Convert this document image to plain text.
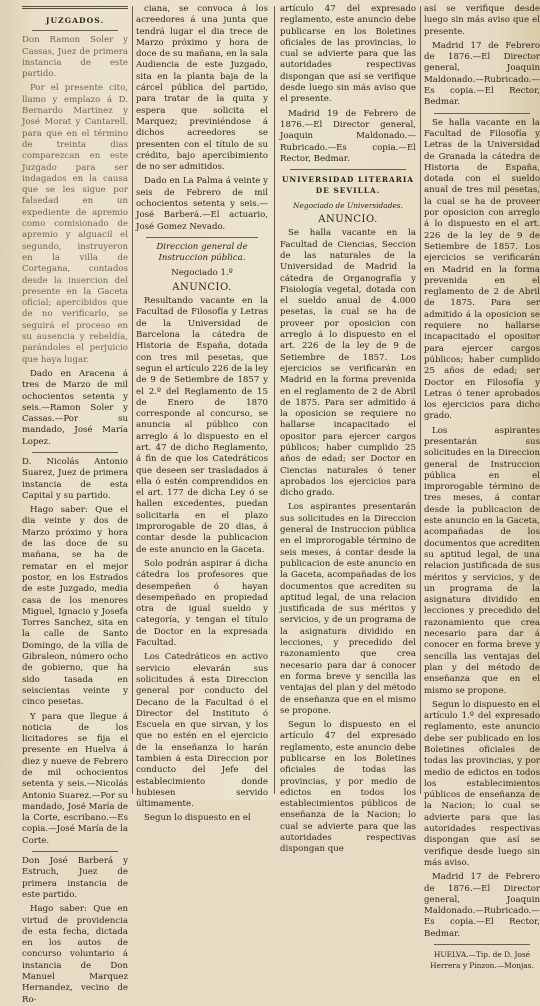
JUZGADOS.

Don Ramon Soler y Cassas, Juez de primera instancia de este partido.

Por el presente cito, llamo y emplazo á D. Bernardo Martinez y José Morat y Cantarell, para que en el término de treinta dias comparezcan en este Juzgado para ser indagados en la causa que se les sigue por falsedad en un expediente de apremio como comisionado de apremio y alguacil el segundo, instruyeron en la villa de Cortegana, contados desde la insercion del presente en la Gaceta oficial; apercibidos que de no verificarlo, se seguirá el proceso en su ausencia y rebeldía, parándoles el perjuicio que haya lugar.

Dado en Aracena á tres de Marzo de mil ochocientos setenta y seis.—Ramon Soler y Cassas.—Por su mandado, José María Lopez.

D. Nicolás Antonio Suarez, Juez de primera instancia de esta Capital y su partido.

Hago saber: Que el dia veinte y dos de Marzo próximo y hora de las doce de su mañana, se ha de rematar en el mejor postor, en los Estrados de este Juzgado, media casa de los menores Miguel, Ignacio y Josefa Torres Sanchez, sita en la calle de Santo Domingo, de la villa de Gibraleon, número ocho de gobierno, que ha sido tasada en seiscientas veinte y cinco pesetas.

Y para que llegue á noticia de los licitadores se fija el presente en Huelva á diez y nueve de Febrero de mil ochocientos setenta y seis.—Nicolás Antonio Suarez.—Por su mandado, José María de la Corte, escribano.—Es copia.—José María de la Corte.

Don José Barberá y Estruch, Juez de primera instancia de este partido.

Hago saber: Que en virtud de providencia de esta fecha, dictada en los autos de concurso voluntario á instancia de Don Manuel Marquez Hernandez, vecino de Ro-

ciana, se convoca á los acreedores á una junta que tendrá lugar el dia trece de Marzo próximo y hora de doce de su mañana, en la sala Audiencia de este Juzgado, sita en la planta baja de la cárcel pública del partido, para tratar de la quita y espera que solicita el Marquez; previniéndose á dichos acreedores se presenten con el título de su crédito, bajo apercibimiento de no ser admitidos.

Dado en La Palma á veinte y seis de Febrero de mil ochocientos setenta y seis.—José Barberá.—El actuario, José Gomez Nevado.

Direccion general de Instruccion pública.

Negociado 1.º

ANUNCIO.

Resultando vacante en la Facultad de Filosofía y Letras de la Universidad de Barcelona la cátedra de Historia de España, dotada con tres mil pesetas, que segun el artículo 226 de la ley de 9 de Setiembre de 1857 y el 2.º del Reglamento de 15 de Enero de 1870 corresponde al concurso, se anuncia al público con arreglo á lo dispuesto en el art. 47 de dicho Reglamento, á fin de que los Catedráticos que deseen ser trasladados á ella ó estén comprendidos en el art. 177 de dicha Ley ó se hallen excedentes, puedan solicitarla en el plazo improrogable de 20 dias, á contar desde la publicacion de este anuncio en la Gaceta.

Solo podrán aspirar á dicha cátedra los profesores que desempeñen ó hayan desempeñado en propiedad otra de igual sueldo y categoría, y tengan el título de Doctor en la expresada Facultad.

Los Catedráticos en activo servicio elevarán sus solicitudes á esta Direccion general por conducto del Decano de la Facultad ó el Director del Instituto ó Escuela en que sirvan, y los que no estén en el ejercicio de la enseñanza lo harán tambien á esta Direccion por conducto del Jefe del establecimiento donde hubiesen servido últimamente.

Segun lo dispuesto en el

artículo 47 del expresado reglamento, este anuncio debe publicarse en los Boletines oficiales de las provincias, lo cual se advierte para que las autoridades respectivas dispongan que así se verifique desde luego sin más aviso que el presente.

Madrid 19 de Febrero de 1876.—El Director general, Joaquin Maldonado.—Rubricado.—Es copia.—El Rector, Bedmar.

UNIVERSIDAD LITERARIA DE SEVILLA.

Negociado de Universidades.

ANUNCIO.

Se halla vacante en la Facultad de Ciencias, Seccion de las naturales de la Universidad de Madrid la cátedra de Organografía y Fisiología vegetal, dotada con el sueldo anual de 4.000 pesetas, la cual se ha de proveer por oposicion con arreglo á lo dispuesto en el art. 226 de la ley de 9 de Setiembre de 1857. Los ejercicios se verificarán en Madrid en la forma prevenida en el reglamento de 2 de Abril de 1875. Para ser admitido á la oposicion se requiere no hallarse incapacitado el opositor para ejercer cargos públicos; haber cumplido 25 años de edad; ser Doctor en Ciencias naturales ó tener aprobados los ejercicios para dicho grado.

Los aspirantes presentarán sus solicitudes en la Direccion general de Instruccion pública en el improrogable término de seis meses, á contar desde la publicacion de este anuncio en la Gaceta, acompañadas de los documentos que acrediten su aptitud legal, de una relacion justificada de sus méritos y servicios, y de un programa de la asignatura dividido en lecciones, y precedido del razonamiento que crea necesario para dar á conocer en forma breve y sencilla las ventajas del plan y del método de enseñanza que en el mismo se propone.

Segun lo dispuesto en el artículo 47 del expresado reglamento, este anuncio debe publicarse en los Boletines oficiales de todas las provincias, y por medio de edictos en todos los establecimientos públicos de enseñanza de la Nacion; lo cual se advierte para que las autoridades respectivas dispongan que

así se verifique desde luego sin más aviso que el presente.

Madrid 17 de Febrero de 1876.—El Director general, Joaquin Maldonado.—Rubricado.—Es copia.—El Rector, Bedmar.

Se halla vacante en la Facultad de Filosofía y Letras de la Universidad de Granada la cátedra de Historia de España, dotada con el sueldo anual de tres mil pesetas, la cual se ha de proveer por oposicion con arreglo á lo dispuesto en el art. 226 de la ley de 9 de Setiembre de 1857. Los ejercicios se verificarán en Madrid en la forma prevenida en el reglamento de 2 de Abril de 1875. Para ser admitido á la oposicion se requiere no hallarse incapacitado el opositor para ejercer cargos públicos; haber cumplido 25 años de edad; ser Doctor en Filosofía y Letras ó tener aprobados los ejercicios para dicho grado.

Los aspirantes presentarán sus solicitudes en la Direccion general de Instruccion pública en el improrogable término de tres meses, á contar desde la publicacion de este anuncio en la Gaceta, acompañadas de los documentos que acrediten su aptitud legal, de una relacion justificada de sus méritos y servicios, y de un programa de la asignatura dividido en lecciones y precedido del razonamiento que crea necesario para dar á conocer en forma breve y sencilla las ventajas del plan y del método de enseñanza que en el mismo se propone.

Segun lo dispuesto en el artículo 1.º del expresado reglamento, este anuncio debe ser publicado en los Boletines oficiales de todas las provincias, y por medio de edictos en todos los establecimientos públicos de enseñanza de la Nacion; lo cual se advierte para que las autoridades respectivas dispongan que así se verifique desde luego sin más aviso.

Madrid 17 de Febrero de 1876.—El Director general, Joaquin Maldonado.—Rubricado.—Es copia.—El Rector, Bedmar.

HUELVA.—Tip. de D. José Herrera y Pinzon.—Monjas.
